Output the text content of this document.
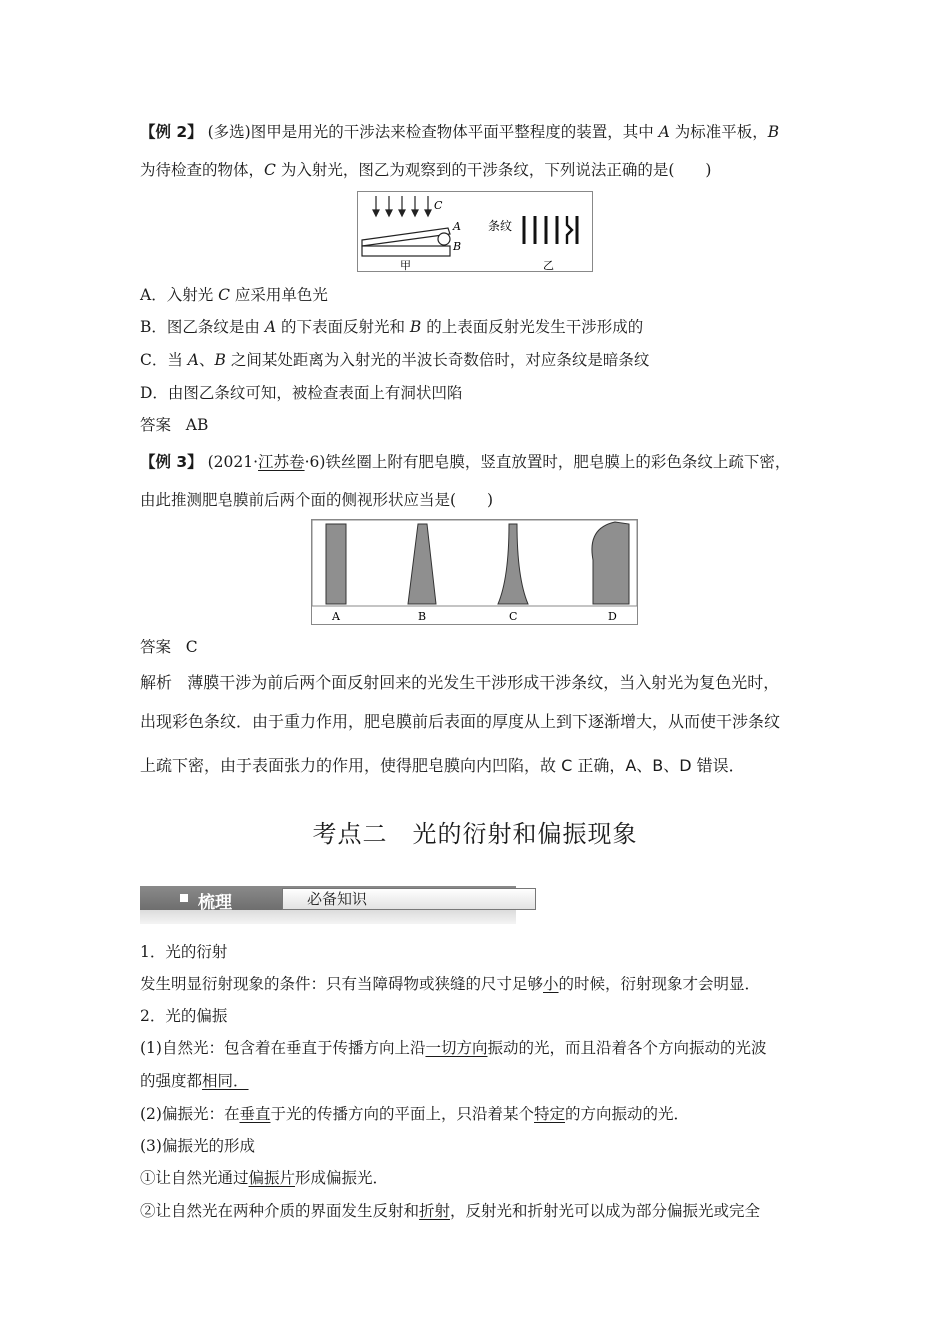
【例 2】 (多选)图甲是用光的干涉法来检查物体平面平整程度的装置，其中 A 为标准平板，B
为待检查的物体，C 为入射光，图乙为观察到的干涉条纹，下列说法正确的是(　　)
C
A
B
甲
条纹
乙
A．入射光 C 应采用单色光
B．图乙条纹是由 A 的下表面反射光和 B 的上表面反射光发生干涉形成的
C．当 A、B 之间某处距离为入射光的半波长奇数倍时，对应条纹是暗条纹
D．由图乙条纹可知，被检查表面上有洞状凹陷
答案 AB
【例 3】 (2021·江苏卷·6)铁丝圈上附有肥皂膜，竖直放置时，肥皂膜上的彩色条纹上疏下密，
由此推测肥皂膜前后两个面的侧视形状应当是(　　)
A	B	C	D
答案 C
解析 薄膜干涉为前后两个面反射回来的光发生干涉形成干涉条纹，当入射光为复色光时，
出现彩色条纹．由于重力作用，肥皂膜前后表面的厚度从上到下逐渐增大，从而使干涉条纹
上疏下密，由于表面张力的作用，使得肥皂膜向内凹陷，故 C 正确，A、B、D 错误．
考点二　光的衍射和偏振现象
梳理	必备知识
1．光的衍射
发生明显衍射现象的条件：只有当障碍物或狭缝的尺寸足够小的时候，衍射现象才会明显．
2．光的偏振
(1)自然光：包含着在垂直于传播方向上沿一切方向振动的光，而且沿着各个方向振动的光波
的强度都相同．
(2)偏振光：在垂直于光的传播方向的平面上，只沿着某个特定的方向振动的光．
(3)偏振光的形成
①让自然光通过偏振片形成偏振光．
②让自然光在两种介质的界面发生反射和折射，反射光和折射光可以成为部分偏振光或完全
